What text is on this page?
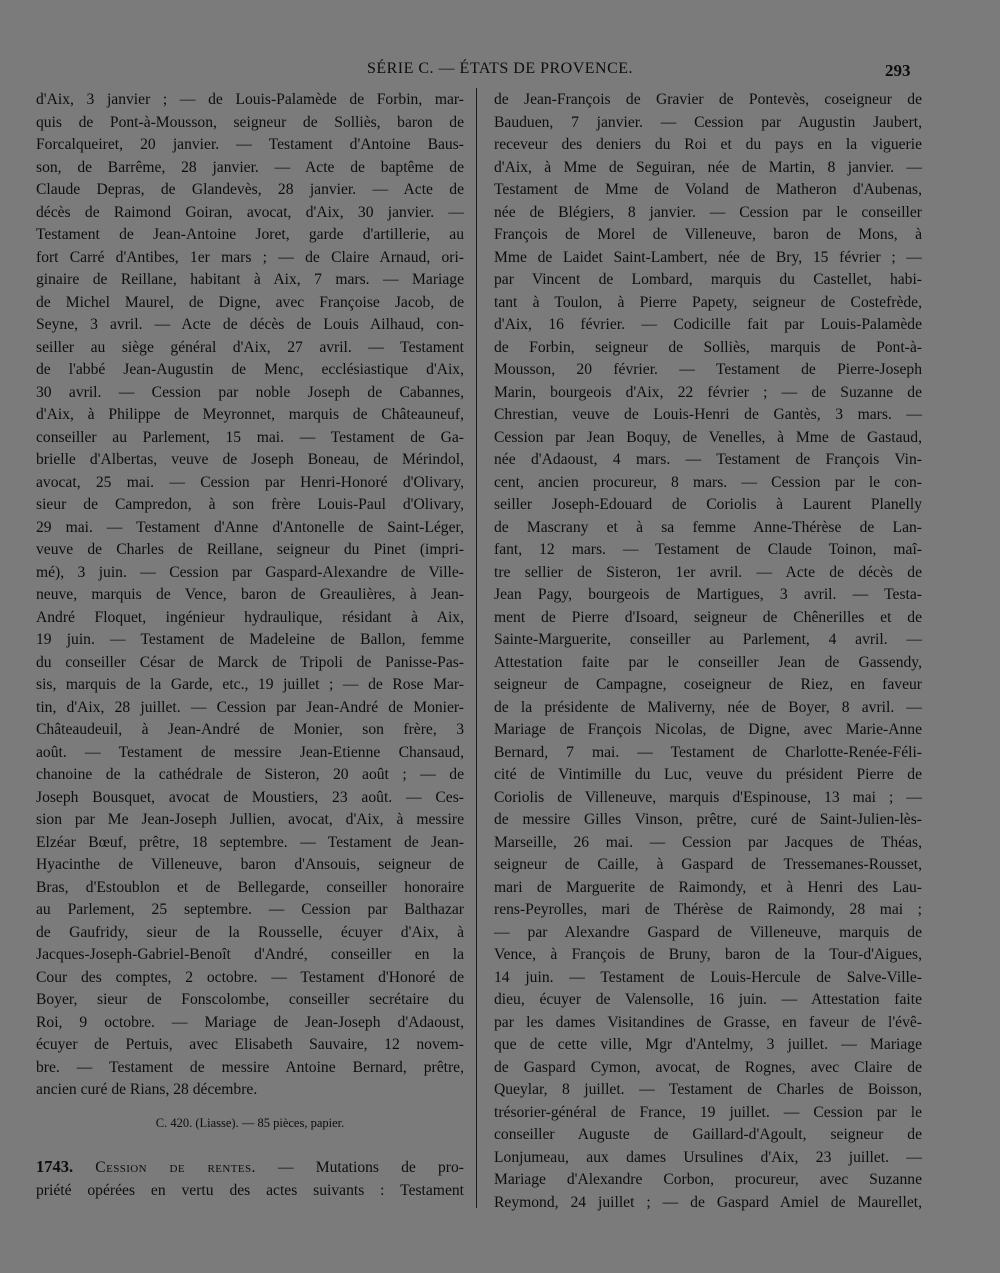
SÉRIE C. — ÉTATS DE PROVENCE.	293
d'Aix, 3 janvier ; — de Louis-Palamède de Forbin, mar-
quis de Pont-à-Mousson, seigneur de Solliès, baron de
Forcalqueiret, 20 janvier. — Testament d'Antoine Baus-
son, de Barrême, 28 janvier. — Acte de baptême de
Claude Depras, de Glandevès, 28 janvier. — Acte de
décès de Raimond Goiran, avocat, d'Aix, 30 janvier. —
Testament de Jean-Antoine Joret, garde d'artillerie, au
fort Carré d'Antibes, 1er mars ; — de Claire Arnaud, ori-
ginaire de Reillane, habitant à Aix, 7 mars. — Mariage
de Michel Maurel, de Digne, avec Françoise Jacob, de
Seyne, 3 avril. — Acte de décès de Louis Ailhaud, con-
seiller au siège général d'Aix, 27 avril. — Testament
de l'abbé Jean-Augustin de Menc, ecclésiastique d'Aix,
30 avril. — Cession par noble Joseph de Cabannes,
d'Aix, à Philippe de Meyronnet, marquis de Châteauneuf,
conseiller au Parlement, 15 mai. — Testament de Ga-
brielle d'Albertas, veuve de Joseph Boneau, de Mérindol,
avocat, 25 mai. — Cession par Henri-Honoré d'Olivary,
sieur de Campredon, à son frère Louis-Paul d'Olivary,
29 mai. — Testament d'Anne d'Antonelle de Saint-Léger,
veuve de Charles de Reillane, seigneur du Pinet (impri-
mé), 3 juin. — Cession par Gaspard-Alexandre de Ville-
neuve, marquis de Vence, baron de Greaulières, à Jean-
André Floquet, ingénieur hydraulique, résidant à Aix,
19 juin. — Testament de Madeleine de Ballon, femme
du conseiller César de Marck de Tripoli de Panisse-Pas-
sis, marquis de la Garde, etc., 19 juillet ; — de Rose Mar-
tin, d'Aix, 28 juillet. — Cession par Jean-André de Monier-
Châteaudeuil, à Jean-André de Monier, son frère, 3
août. — Testament de messire Jean-Etienne Chansaud,
chanoine de la cathédrale de Sisteron, 20 août ; — de
Joseph Bousquet, avocat de Moustiers, 23 août. — Ces-
sion par Me Jean-Joseph Jullien, avocat, d'Aix, à messire
Elzéar Bœuf, prêtre, 18 septembre. — Testament de Jean-
Hyacinthe de Villeneuve, baron d'Ansouis, seigneur de
Bras, d'Estoublon et de Bellegarde, conseiller honoraire
au Parlement, 25 septembre. — Cession par Balthazar
de Gaufridy, sieur de la Rousselle, écuyer d'Aix, à
Jacques-Joseph-Gabriel-Benoît d'André, conseiller en la
Cour des comptes, 2 octobre. — Testament d'Honoré de
Boyer, sieur de Fonscolombe, conseiller secrétaire du
Roi, 9 octobre. — Mariage de Jean-Joseph d'Adaoust,
écuyer de Pertuis, avec Elisabeth Sauvaire, 12 novem-
bre. — Testament de messire Antoine Bernard, prêtre,
ancien curé de Rians, 28 décembre.
de Jean-François de Gravier de Pontevès, coseigneur de
Bauduen, 7 janvier. — Cession par Augustin Jaubert,
receveur des deniers du Roi et du pays en la viguerie
d'Aix, à Mme de Seguiran, née de Martin, 8 janvier. —
Testament de Mme de Voland de Matheron d'Aubenas,
née de Blégiers, 8 janvier. — Cession par le conseiller
François de Morel de Villeneuve, baron de Mons, à
Mme de Laidet Saint-Lambert, née de Bry, 15 février ; —
par Vincent de Lombard, marquis du Castellet, habi-
tant à Toulon, à Pierre Papety, seigneur de Costefrède,
d'Aix, 16 février. — Codicille fait par Louis-Palamède
de Forbin, seigneur de Solliès, marquis de Pont-à-
Mousson, 20 février. — Testament de Pierre-Joseph
Marin, bourgeois d'Aix, 22 février ; — de Suzanne de
Chrestian, veuve de Louis-Henri de Gantès, 3 mars. —
Cession par Jean Boquy, de Venelles, à Mme de Gastaud,
née d'Adaoust, 4 mars. — Testament de François Vin-
cent, ancien procureur, 8 mars. — Cession par le con-
seiller Joseph-Edouard de Coriolis à Laurent Planelly
de Mascrany et à sa femme Anne-Thérèse de Lan-
fant, 12 mars. — Testament de Claude Toinon, maî-
tre sellier de Sisteron, 1er avril. — Acte de décès de
Jean Pagy, bourgeois de Martigues, 3 avril. — Testa-
ment de Pierre d'Isoard, seigneur de Chênerilles et de
Sainte-Marguerite, conseiller au Parlement, 4 avril. —
Attestation faite par le conseiller Jean de Gassendy,
seigneur de Campagne, coseigneur de Riez, en faveur
de la présidente de Maliverny, née de Boyer, 8 avril. —
Mariage de François Nicolas, de Digne, avec Marie-Anne
Bernard, 7 mai. — Testament de Charlotte-Renée-Féli-
cité de Vintimille du Luc, veuve du président Pierre de
Coriolis de Villeneuve, marquis d'Espinouse, 13 mai ; —
de messire Gilles Vinson, prêtre, curé de Saint-Julien-lès-
Marseille, 26 mai. — Cession par Jacques de Théas,
seigneur de Caille, à Gaspard de Tressemanes-Rousset,
mari de Marguerite de Raimondy, et à Henri des Lau-
rens-Peyrolles, mari de Thérèse de Raimondy, 28 mai ;
— par Alexandre Gaspard de Villeneuve, marquis de
Vence, à François de Bruny, baron de la Tour-d'Aigues,
14 juin. — Testament de Louis-Hercule de Salve-Ville-
dieu, écuyer de Valensolle, 16 juin. — Attestation faite
par les dames Visitandines de Grasse, en faveur de l'évê-
que de cette ville, Mgr d'Antelmy, 3 juillet. — Mariage
de Gaspard Cymon, avocat, de Rognes, avec Claire de
Queylar, 8 juillet. — Testament de Charles de Boisson,
trésorier-général de France, 19 juillet. — Cession par le
conseiller Auguste de Gaillard-d'Agoult, seigneur de
Lonjumeau, aux dames Ursulines d'Aix, 23 juillet. —
Mariage d'Alexandre Corbon, procureur, avec Suzanne
Reymond, 24 juillet ; — de Gaspard Amiel de Maurellet,
C. 420. (Liasse). — 85 pièces, papier.
1743. Cession de rentes. — Mutations de pro-
priété opérées en vertu des actes suivants : Testament
